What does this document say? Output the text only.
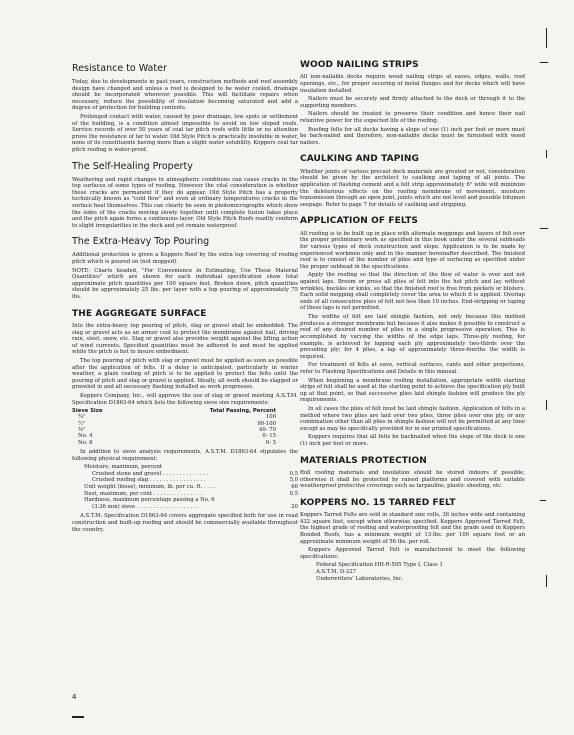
Resistance to Water

Today, due to developments in past years, construction methods and roof assembly design have changed and unless a roof is designed to be water cooled, drainage should be incorporated wherever possible. This will facilitate repairs when necessary, reduce the possibility of insulation becoming saturated and add a degree of protection for building contents.

Prolonged contact with water, caused by poor drainage, low spots or settlement of the building, is a condition almost impossible to avoid on low sloped roofs. Service records of over 50 years of coal tar pitch roofs with little or no attention prove the resistance of tar to water. Old Style Pitch is practically insoluble in water, none of its constituents having more than a slight water solubility. Koppers coal tar pitch roofing is water-proof.

The Self-Healing Property

Weathering and rapid changes in atmospheric conditions can cause cracks in the top surfaces of some types of roofing. However the vital consideration is whether these cracks are permanent if they do appear. Old Style Pitch has a property technically known as "cold flow" and even at ordinary temperatures cracks in the surface heal themselves. This can clearly be seen in photomicrographs which show the sides of the cracks moving slowly together until complete fusion takes place and the pitch again forms a continuous layer. Old Style Pitch Roofs readily conform to slight irregularities in the deck and yet remain waterproof.

The Extra-Heavy Top Pouring

Additional protection is given a Koppers Roof by the extra top covering of roofing pitch which is poured on (not mopped).

NOTE: Charts headed, "For Convenience in Estimating, Use These Material Quantities" which are shown for each individual specification show total approximate pitch quantities per 100 square feet. Broken down, pitch quantities should be approximately 25 lbs. per layer with a top pouring of approximately 75 lbs.

THE AGGREGATE SURFACE

Into the extra-heavy top pouring of pitch, slag or gravel shall be embedded. The slag or gravel acts as an armor coat to protect the membrane against hail, driving rain, sleet, snow, etc. Slag or gravel also provides weight against the lifting action of wind currents. Specified quantities must be adhered to and must be applied while the pitch is hot to insure embedment.

The top pouring of pitch with slag or gravel must be applied as soon as possible after the application of felts. If a delay is anticipated, particularly in winter weather, a glaze coating of pitch is to be applied to protect the felts until the pouring of pitch and slag or gravel is applied. Ideally, all work should be slagged or graveled in and all necessary flashing installed as work progresses.

Koppers Company, Inc., will approve the use of slag or gravel meeting A.S.T.M. Specification D1863-64 which lists the following sieve size requirements:

Sieve Size	Total Passing, Percent
¾"	100
½"	90-100
⅜"	40- 70
No. 4	0- 15
No. 8	0- 5

In addition to sieve analysis requirements, A.S.T.M. D1863-64 stipulates the following physical requirement:

Moisture, maximum, percent
Crushed stone and gravel . . . . . . . . . . . . . .	0.5
Crushed roofing slag . . . . . . . . . . . . . . . . .	5.0
Unit weight (loose), minimum, lb. per cu. ft. . . . .	60
Dust, maximum, per cent . . . . . . . . . . . . . . .	0.5
Hardness, maximum percentage passing a No. 6
(3.36 mm) sieve . . . . . . . . . . . . . . . . . . .	20

A.S.T.M. Specification D1863-64 covers aggregate specified both for use in road construction and built-up roofing and should be commercially available throughout the country.

WOOD NAILING STRIPS

All non-nailable decks require wood nailing strips at eaves, edges, walls, roof openings, etc., for proper securing of metal flanges and for decks which will have insulation installed.

Nailers must be securely and firmly attached to the deck or through it to the supporting members.

Nailers should be treated to preserve their condition and hence their nail retentive power for the expected life of the roofing.

Roofing felts for all decks having a slope of one (1) inch per foot or more must be back-nailed and therefore, non-nailable decks must be furnished with wood nailers.

CAULKING AND TAPING

Whether joints of various precast deck materials are grouted or not, consideration should be given by the architect to caulking and taping of all joints. The application of flashing cement and a felt strip approximately 6" wide will minimize the deleterious effects on the roofing membrane of movement, moisture transmission through an open joint, joints which are not level and possible bitumen seepage. Refer to page 7 for details of caulking and stripping.

APPLICATION OF FELTS

All roofing is to be built up in place with alternate moppings and layers of felt over the proper preliminary work as specified in this book under the several subheads for various types of deck construction and slope. Application is to be made by experienced workmen only and in the manner hereinafter described. The finished roof is to consist of the number of plies and type of surfacing as specified under the proper subhead in the specifications.

Apply the roofing so that the direction of the flow of water is over and not against laps. Broom or press all plies of felt into the hot pitch and lay without wrinkles, buckles or kinks, so that the finished roof is free from pockets or blisters. Each solid mopping shall completely cover the area to which it is applied. Overlap ends of all consecutive plies of felt not less than 10 inches. End-stripping or taping of these laps is not permitted.

The widths of felt are laid shingle fashion, not only because this method produces a stronger membrane but because it also makes it possible to construct a roof of any desired number of plies in a single progressive operation. This is accomplished by varying the widths of the edge laps. Three-ply roofing, for example, is achieved by lapping each ply approximately two-thirds over the preceding ply; for 4 plies, a lap of approximately three-fourths the width is required.

For treatment of felts at eave, vertical surfaces, cants and other projections, refer to Flashing Specifications and Details in this manual.

When beginning a membrane roofing installation, appropriate width starting strips of felt shall be used at the starting point to achieve the specification ply built up at that point, so that successive plies laid shingle fashion will produce the ply requirements.

In all cases the plies of felt must be laid shingle fashion. Application of felts in a method where two plies are laid over two plies, three plies over one ply, or any combination other than all plies in shingle fashion will not be permitted at any time except as may be specifically provided for in our printed specifications.

Koppers requires that all felts be backnailed when the slope of the deck is one (1) inch per foot or more.

MATERIALS PROTECTION

Roll roofing materials and insulation should be stored indoors if possible, otherwise it shall be protected by raised platforms and covered with suitable weatherproof protective coverings such as tarpaulins, plastic sheeting, etc.

KOPPERS NO. 15 TARRED FELT

Koppers Tarred Felts are sold in standard size rolls, 36 inches wide and containing 432 square feet, except when otherwise specified. Koppers Approved Tarred Felt, the highest grade of roofing and waterproofing felt and the grade used in Koppers Bonded Roofs, has a minimum weight of 13-lbs. per 100 square feet or an approximate minimum weight of 56 lbs. per roll.

Koppers Approved Tarred Felt is manufactured to meet the following specifications:

Federal Specification HH-R-595 Type I, Class 1
A.S.T.M. D-227
Underwriters' Laboratories, Inc.
4
